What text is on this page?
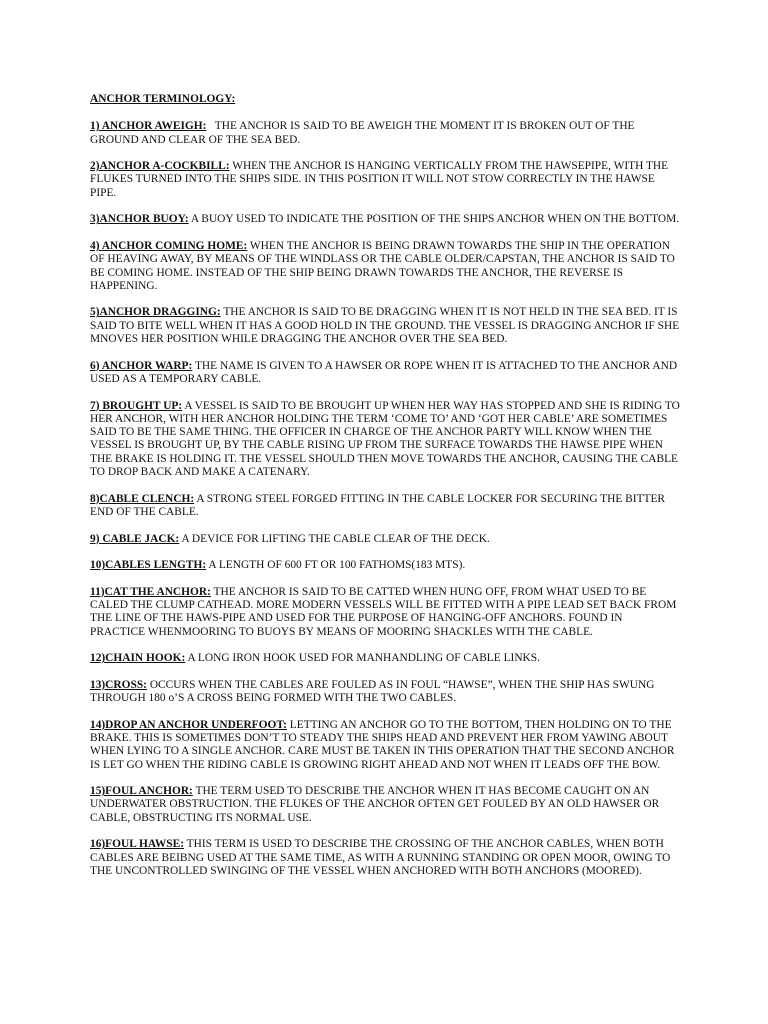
ANCHOR TERMINOLOGY:

1) ANCHOR AWEIGH: THE ANCHOR IS SAID TO BE AWEIGH THE MOMENT IT IS BROKEN OUT OF THE GROUND AND CLEAR OF THE SEA BED.

2)ANCHOR A-COCKBILL: WHEN THE ANCHOR IS HANGING VERTICALLY FROM THE HAWSEPIPE, WITH THE FLUKES TURNED INTO THE SHIPS SIDE. IN THIS POSITION IT WILL NOT STOW CORRECTLY IN THE HAWSE PIPE.

3)ANCHOR BUOY: A BUOY USED TO INDICATE THE POSITION OF THE SHIPS ANCHOR WHEN ON THE BOTTOM.

4) ANCHOR COMING HOME: WHEN THE ANCHOR IS BEING DRAWN TOWARDS THE SHIP IN THE OPERATION OF HEAVING AWAY, BY MEANS OF THE WINDLASS OR THE CABLE OLDER/CAPSTAN, THE ANCHOR IS SAID TO BE COMING HOME. INSTEAD OF THE SHIP BEING DRAWN TOWARDS THE ANCHOR, THE REVERSE IS HAPPENING.

5)ANCHOR DRAGGING: THE ANCHOR IS SAID TO BE DRAGGING WHEN IT IS NOT HELD IN THE SEA BED. IT IS SAID TO BITE WELL WHEN IT HAS A GOOD HOLD IN THE GROUND. THE VESSEL IS DRAGGING ANCHOR IF SHE MNOVES HER POSITION WHILE DRAGGING THE ANCHOR OVER THE SEA BED.

6) ANCHOR WARP: THE NAME IS GIVEN TO A HAWSER OR ROPE WHEN IT IS ATTACHED TO THE ANCHOR AND USED AS A TEMPORARY CABLE.

7) BROUGHT UP: A VESSEL IS SAID TO BE BROUGHT UP WHEN HER WAY HAS STOPPED AND SHE IS RIDING TO HER ANCHOR, WITH HER ANCHOR HOLDING THE TERM ‘COME TO’ AND ‘GOT HER CABLE’ ARE SOMETIMES SAID TO BE THE SAME THING. THE OFFICER IN CHARGE OF THE ANCHOR PARTY WILL KNOW WHEN THE VESSEL IS BROUGHT UP, BY THE CABLE RISING UP FROM THE SURFACE TOWARDS THE HAWSE PIPE WHEN THE BRAKE IS HOLDING IT. THE VESSEL SHOULD THEN MOVE TOWARDS THE ANCHOR, CAUSING THE CABLE TO DROP BACK AND MAKE A CATENARY.

8)CABLE CLENCH: A STRONG STEEL FORGED FITTING IN THE CABLE LOCKER FOR SECURING THE BITTER END OF THE CABLE.

9) CABLE JACK: A DEVICE FOR LIFTING THE CABLE CLEAR OF THE DECK.

10)CABLES LENGTH: A LENGTH OF 600 FT OR 100 FATHOMS(183 MTS).

11)CAT THE ANCHOR: THE ANCHOR IS SAID TO BE CATTED WHEN HUNG OFF, FROM WHAT USED TO BE CALED THE CLUMP CATHEAD. MORE MODERN VESSELS WILL BE FITTED WITH A PIPE LEAD SET BACK FROM THE LINE OF THE HAWS-PIPE AND USED FOR THE PURPOSE OF HANGING-OFF ANCHORS. FOUND IN PRACTICE WHENMOORING TO BUOYS BY MEANS OF MOORING SHACKLES WITH THE CABLE.

12)CHAIN HOOK: A LONG IRON HOOK USED FOR MANHANDLING OF CABLE LINKS.

13)CROSS: OCCURS WHEN THE CABLES ARE FOULED AS IN FOUL “HAWSE”, WHEN THE SHIP HAS SWUNG THROUGH 180 o’S A CROSS BEING FORMED WITH THE TWO CABLES.

14)DROP AN ANCHOR UNDERFOOT: LETTING AN ANCHOR GO TO THE BOTTOM, THEN HOLDING ON TO THE BRAKE. THIS IS SOMETIMES DON’T TO STEADY THE SHIPS HEAD AND PREVENT HER FROM YAWING ABOUT WHEN LYING TO A SINGLE ANCHOR. CARE MUST BE TAKEN IN THIS OPERATION THAT THE SECOND ANCHOR IS LET GO WHEN THE RIDING CABLE IS GROWING RIGHT AHEAD AND NOT WHEN IT LEADS OFF THE BOW.

15)FOUL ANCHOR: THE TERM USED TO DESCRIBE THE ANCHOR WHEN IT HAS BECOME CAUGHT ON AN UNDERWATER OBSTRUCTION. THE FLUKES OF THE ANCHOR OFTEN GET FOULED BY AN OLD HAWSER OR CABLE, OBSTRUCTING ITS NORMAL USE.

16)FOUL HAWSE: THIS TERM IS USED TO DESCRIBE THE CROSSING OF THE ANCHOR CABLES, WHEN BOTH CABLES ARE BEIBNG USED AT THE SAME TIME, AS WITH A RUNNING STANDING OR OPEN MOOR, OWING TO THE UNCONTROLLED SWINGING OF THE VESSEL WHEN ANCHORED WITH BOTH ANCHORS (MOORED).
